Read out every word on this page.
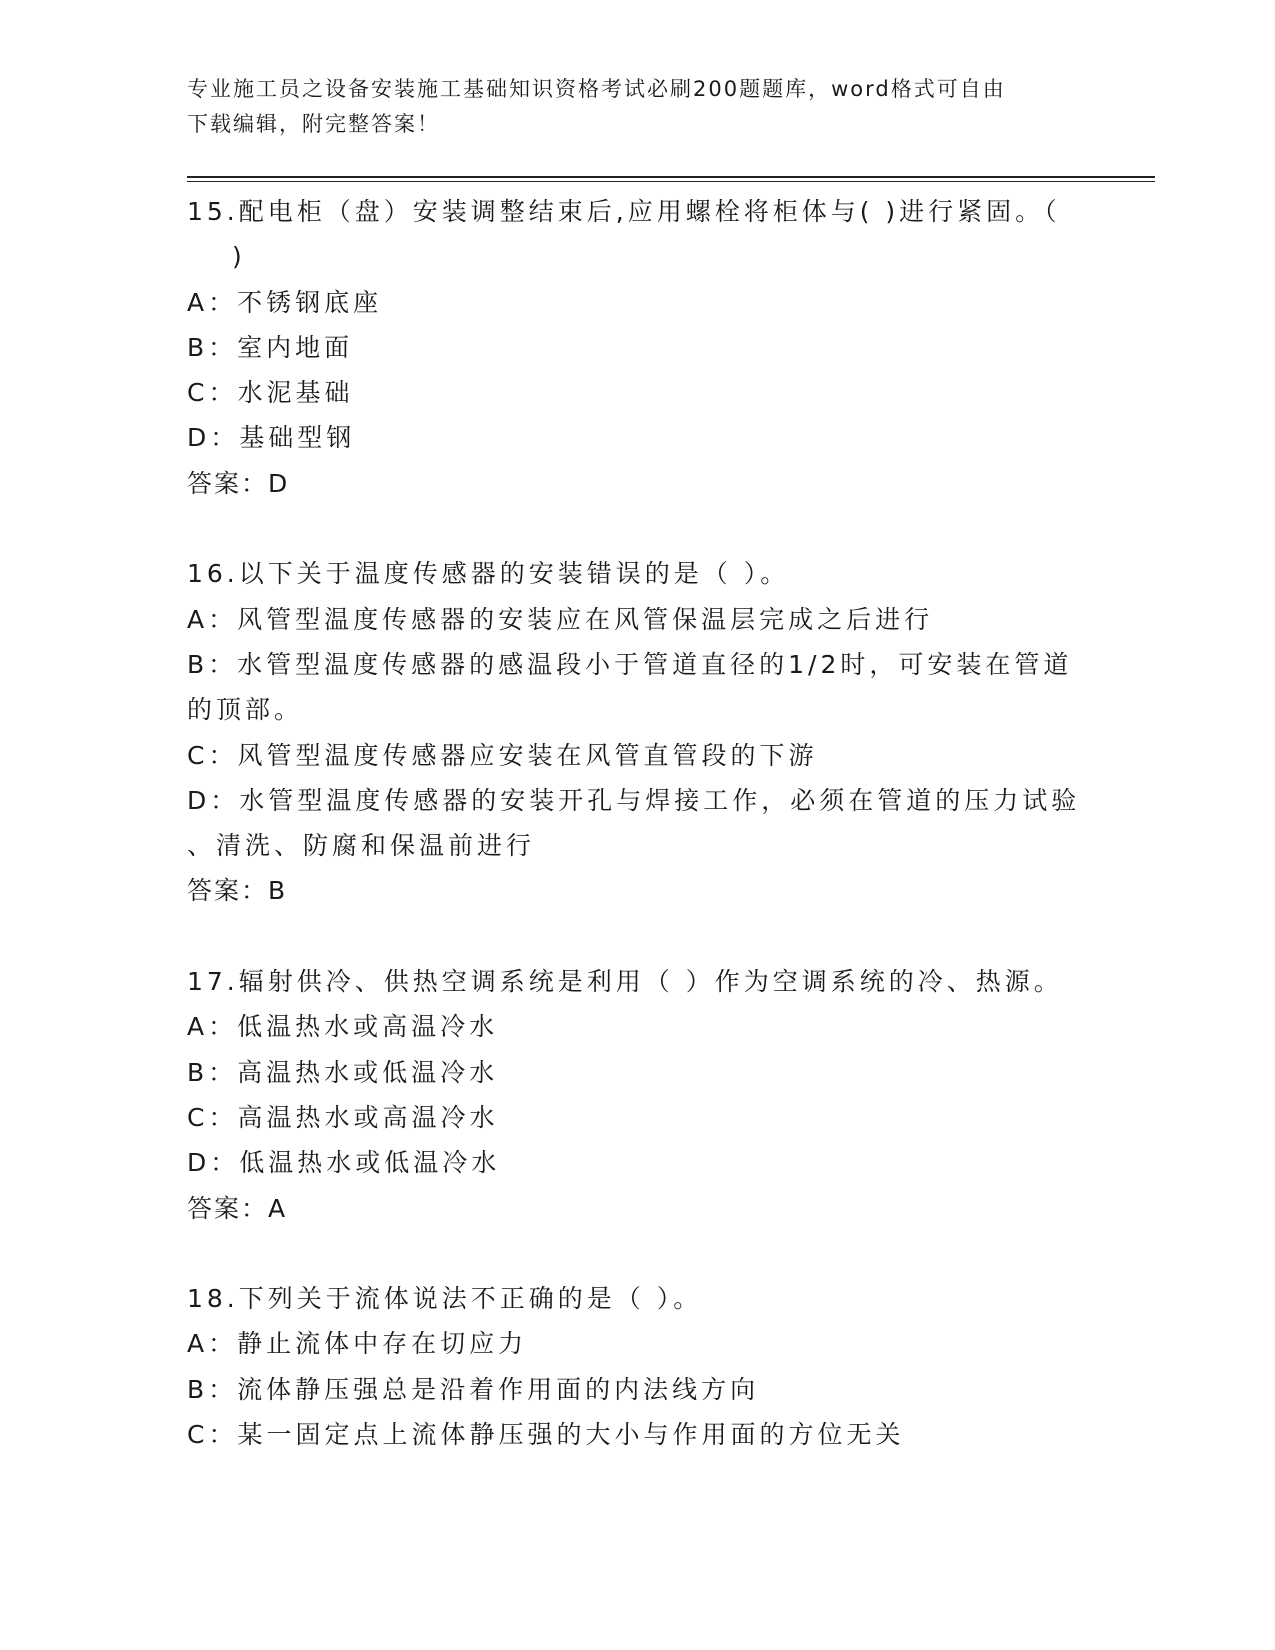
专业施工员之设备安装施工基础知识资格考试必刷200题题库，word格式可自由
下载编辑，附完整答案！
15.配电柜（盘）安装调整结束后,应用螺栓将柜体与( )进行紧固。（
)
A：不锈钢底座
B：室内地面
C：水泥基础
D：基础型钢
答案：D
16.以下关于温度传感器的安装错误的是（ ）。
A：风管型温度传感器的安装应在风管保温层完成之后进行
B：水管型温度传感器的感温段小于管道直径的1/2时，可安装在管道
的顶部。
C：风管型温度传感器应安装在风管直管段的下游
D：水管型温度传感器的安装开孔与焊接工作，必须在管道的压力试验
、清洗、防腐和保温前进行
答案：B
17.辐射供冷、供热空调系统是利用（ ）作为空调系统的冷、热源。
A：低温热水或高温冷水
B：高温热水或低温冷水
C：高温热水或高温冷水
D：低温热水或低温冷水
答案：A
18.下列关于流体说法不正确的是（ ）。
A：静止流体中存在切应力
B：流体静压强总是沿着作用面的内法线方向
C：某一固定点上流体静压强的大小与作用面的方位无关
